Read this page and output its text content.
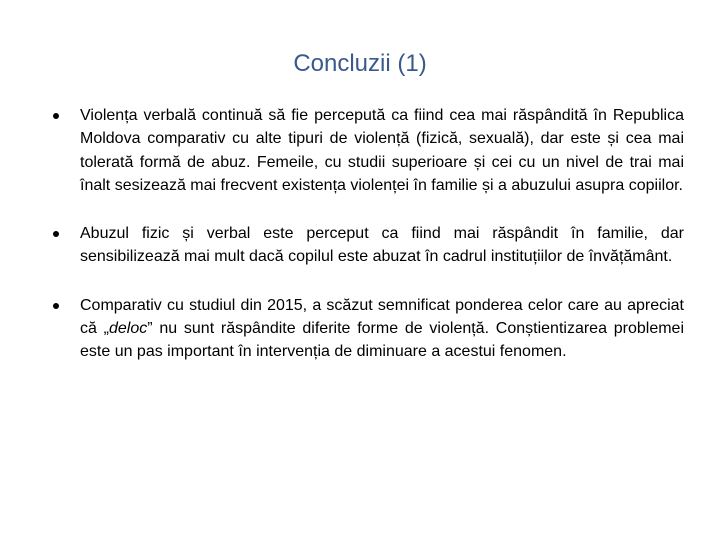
Concluzii (1)
Violența verbală continuă să fie percepută ca fiind cea mai răspândită în Republica Moldova comparativ cu alte tipuri de violență (fizică, sexuală), dar este și cea mai tolerată formă de abuz. Femeile, cu studii superioare și cei cu un nivel de trai mai înalt sesizează mai frecvent existența violenței în familie și a abuzului asupra copiilor.
Abuzul fizic și verbal este perceput ca fiind mai răspândit în familie, dar sensibilizează mai mult dacă copilul este abuzat în cadrul instituțiilor de învățământ.
Comparativ cu studiul din 2015, a scăzut semnificat ponderea celor care au apreciat că „deloc” nu sunt răspândite diferite forme de violență. Conștientizarea problemei este un pas important în intervenția de diminuare a acestui fenomen.
